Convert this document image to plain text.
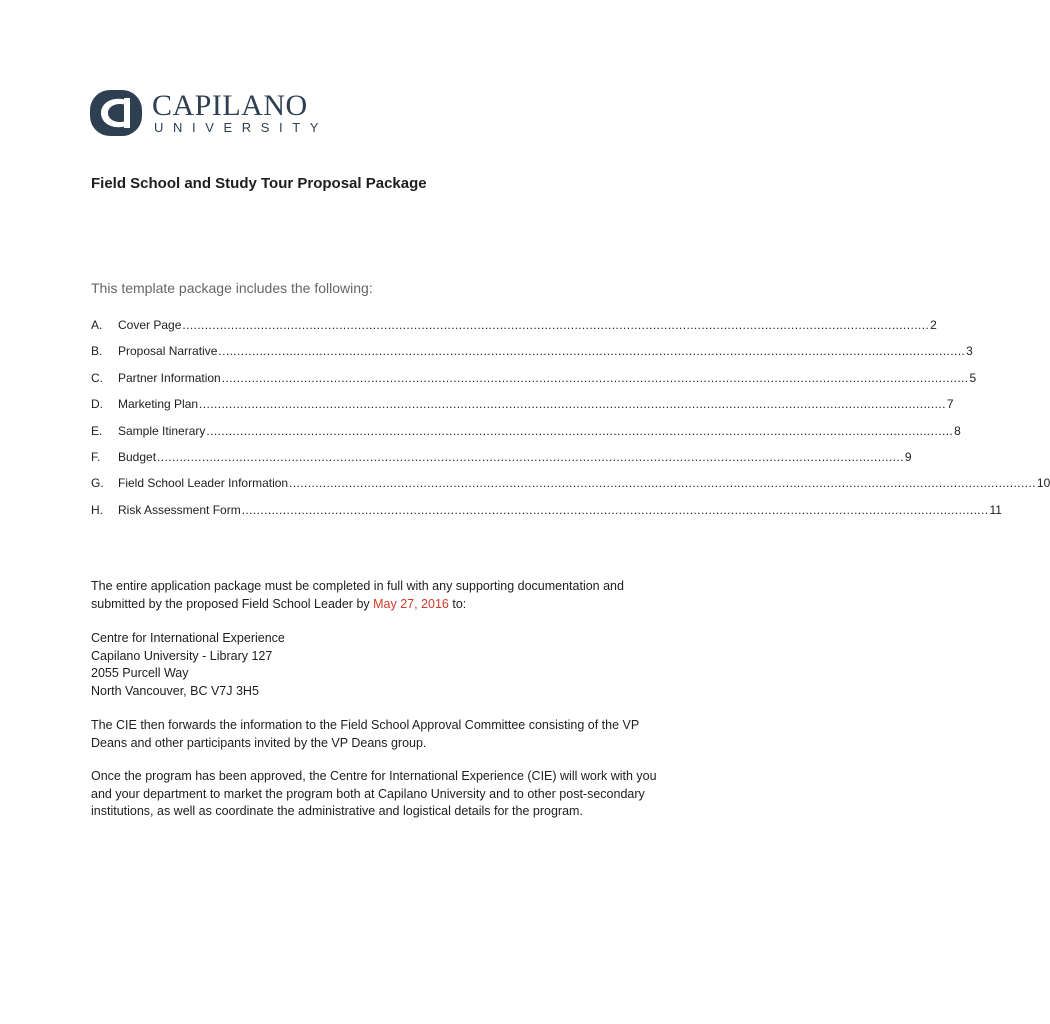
CAPILANO
UNIVERSITY
Field School and Study Tour Proposal Package
This template package includes the following:
A.	Cover Page ........................................................................................................................................................................................................ 2
B.	Proposal Narrative ........................................................................................................................................................................................................ 3
C.	Partner Information ........................................................................................................................................................................................................ 5
D.	Marketing Plan ........................................................................................................................................................................................................ 7
E.	Sample Itinerary ........................................................................................................................................................................................................ 8
F.	Budget ........................................................................................................................................................................................................ 9
G.	Field School Leader Information ........................................................................................................................................................................................................ 10
H.	Risk Assessment Form ........................................................................................................................................................................................................ 11
The entire application package must be completed in full with any supporting documentation and
submitted by the proposed Field School Leader by May 27, 2016 to:
Centre for International Experience
Capilano University - Library 127
2055 Purcell Way
North Vancouver, BC V7J 3H5
The CIE then forwards the information to the Field School Approval Committee consisting of the VP
Deans and other participants invited by the VP Deans group.
Once the program has been approved, the Centre for International Experience (CIE) will work with you
and your department to market the program both at Capilano University and to other post-secondary
institutions, as well as coordinate the administrative and logistical details for the program.
